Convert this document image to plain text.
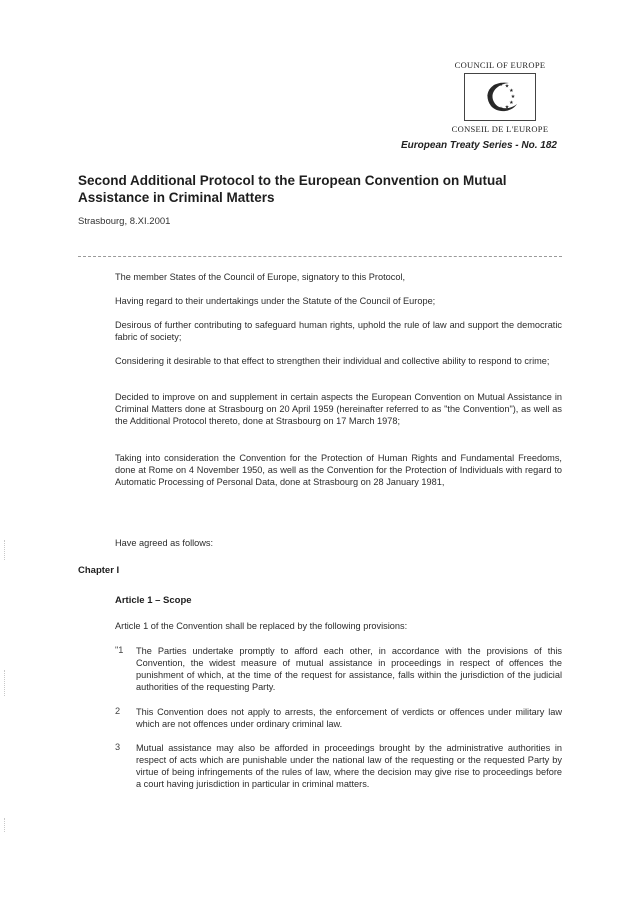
COUNCIL OF EUROPE
★
★
★
★
★
★
★
★
★ ★ ★
★
CONSEIL DE L'EUROPE
European Treaty Series - No. 182
Second Additional Protocol to the European Convention on Mutual Assistance in Criminal Matters
Strasbourg, 8.XI.2001

The member States of the Council of Europe, signatory to this Protocol,

Having regard to their undertakings under the Statute of the Council of Europe;

Desirous of further contributing to safeguard human rights, uphold the rule of law and support the democratic fabric of society;

Considering it desirable to that effect to strengthen their individual and collective ability to respond to crime;

Decided to improve on and supplement in certain aspects the European Convention on Mutual Assistance in Criminal Matters done at Strasbourg on 20 April 1959 (hereinafter referred to as "the Convention"), as well as the Additional Protocol thereto, done at Strasbourg on 17 March 1978;

Taking into consideration the Convention for the Protection of Human Rights and Fundamental Freedoms, done at Rome on 4 November 1950, as well as the Convention for the Protection of Individuals with regard to Automatic Processing of Personal Data, done at Strasbourg on 28 January 1981,

Have agreed as follows:

Chapter I
Article 1 – Scope

Article 1 of the Convention shall be replaced by the following provisions:

"1 The Parties undertake promptly to afford each other, in accordance with the provisions of this Convention, the widest measure of mutual assistance in proceedings in respect of offences the punishment of which, at the time of the request for assistance, falls within the jurisdiction of the judicial authorities of the requesting Party.

2 This Convention does not apply to arrests, the enforcement of verdicts or offences under military law which are not offences under ordinary criminal law.

3 Mutual assistance may also be afforded in proceedings brought by the administrative authorities in respect of acts which are punishable under the national law of the requesting or the requested Party by virtue of being infringements of the rules of law, where the decision may give rise to proceedings before a court having jurisdiction in particular in criminal matters.
